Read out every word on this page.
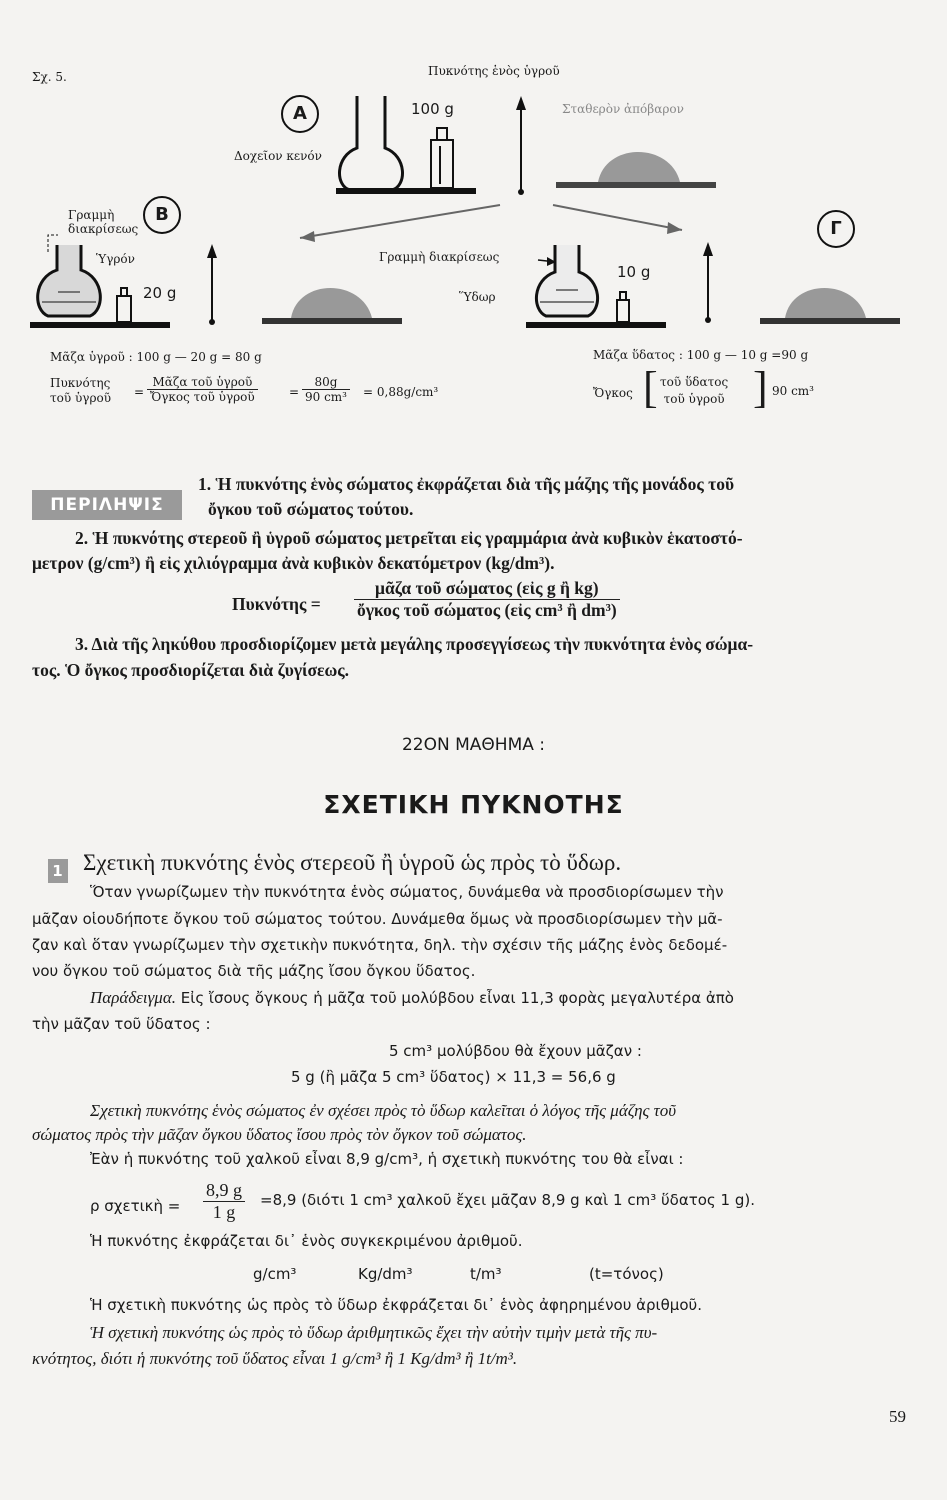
Σχ. 5.	Πυκνότης ἑνὸς ὑγροῦ
A
B
Γ
Δοχεῖον κενόν
100 g	Σταθερὸν ἀπόβαρον
Γραμμὴ διακρίσεως
Ὑγρόν
20 g
Γραμμὴ διακρίσεως
Ὕδωρ
10 g
Μᾶζα ὑγροῦ : 100 g — 20 g = 80 g
Πυκνότης
τοῦ ὑγροῦ = $\frac{\text{Μᾶζα τοῦ ὑγροῦ}}{\text{Ὄγκος τοῦ ὑγροῦ}}$	= $\frac{80g}{\text{90 cm³}} = 0,88g/cm^3$
Μᾶζα ὕδατος : 100 g — 10 g =90 g
Ὄγκος [ τοῦ ὕδατος
τοῦ ὑγροῦ ] 90 cm³
ΠΕΡΙΛΗΨΙΣ
1. Ἡ πυκνότης ἑνὸς σώματος ἐκφράζεται διὰ τῆς μάζης τῆς μονάδος τοῦ
ὄγκου τοῦ σώματος τούτου.
2. Ἡ πυκνότης στερεοῦ ἢ ὑγροῦ σώματος μετρεῖται εἰς γραμμάρια ἀνὰ κυβικὸν ἑκατοστό-
μετρον (g/cm³) ἢ εἰς χιλιόγραμμα ἀνὰ κυβικὸν δεκατόμετρον (kg/dm³).
$\Pi\upsilon\kappa\nu ό\tau\eta\varsigma = \frac{\text{μᾶζα τοῦ σώματος (εἰς g ἢ kg)}}{\text{ὄγκος τοῦ σώματος (εἰς cm³ ἢ dm³)}}$
3. Διὰ τῆς ληκύθου προσδιορίζομεν μετὰ μεγάλης προσεγγίσεως τὴν πυκνότητα ἑνὸς σώμα-
τος. Ὁ ὄγκος προσδιορίζεται διὰ ζυγίσεως.
22ΟΝ ΜΑΘΗΜΑ :
ΣΧΕΤΙΚΗ ΠΥΚΝΟΤΗΣ
1 Σχετικὴ πυκνότης ἑνὸς στερεοῦ ἢ ὑγροῦ ὡς πρὸς τὸ ὕδωρ.
Ὅταν γνωρίζωμεν τὴν πυκνότητα ἑνὸς σώματος, δυνάμεθα νὰ προσδιορίσωμεν τὴν
μᾶζαν οἱουδήποτε ὄγκου τοῦ σώματος τούτου. Δυνάμεθα ὅμως νὰ προσδιορίσωμεν τὴν μᾶ-
ζαν καὶ ὅταν γνωρίζωμεν τὴν σχετικὴν πυκνότητα, δηλ. τὴν σχέσιν τῆς μάζης ἑνὸς δεδομέ-
νου ὄγκου τοῦ σώματος διὰ τῆς μάζης ἴσου ὄγκου ὕδατος.
Παράδειγμα. Εἰς ἴσους ὄγκους ἡ μᾶζα τοῦ μολύβδου εἶναι 11,3 φορὰς μεγαλυτέρα ἀπὸ
τὴν μᾶζαν τοῦ ὕδατος :
5 cm³ μολύβδου θὰ ἔχουν μᾶζαν :
5 g (ἢ μᾶζα 5 cm³ ὕδατος) × 11,3 = 56,6 g
Σχετικὴ πυκνότης ἑνὸς σώματος ἐν σχέσει πρὸς τὸ ὕδωρ καλεῖται ὁ λόγος τῆς μάζης τοῦ
σώματος πρὸς τὴν μᾶζαν ὄγκου ὕδατος ἴσου πρὸς τὸν ὄγκον τοῦ σώματος.
Ἐὰν ἡ πυκνότης τοῦ χαλκοῦ εἶναι 8,9 g/cm³, ἡ σχετικὴ πυκνότης του θὰ εἶναι :
ρ σχετικὴ = $\frac{8,9 g}{1 g} =8,9$ (διότι 1 cm³ χαλκοῦ ἔχει μᾶζαν 8,9 g καὶ 1 cm³ ὕδατος 1 g).
Ἡ πυκνότης ἐκφράζεται δι᾽ ἑνὸς συγκεκριμένου ἀριθμοῦ.
g/cm³	Kg/dm³	t/m³	(t=τόνος)
Ἡ σχετικὴ πυκνότης ὡς πρὸς τὸ ὕδωρ ἐκφράζεται δι᾽ ἑνὸς ἀφηρημένου ἀριθμοῦ.
Ἡ σχετικὴ πυκνότης ὡς πρὸς τὸ ὕδωρ ἀριθμητικῶς ἔχει τὴν αὐτὴν τιμὴν μετὰ τῆς πυ-
κνότητος, διότι ἡ πυκνότης τοῦ ὕδατος εἶναι 1 g/cm³ ἢ 1 Kg/dm³ ἢ 1t/m³.
59
